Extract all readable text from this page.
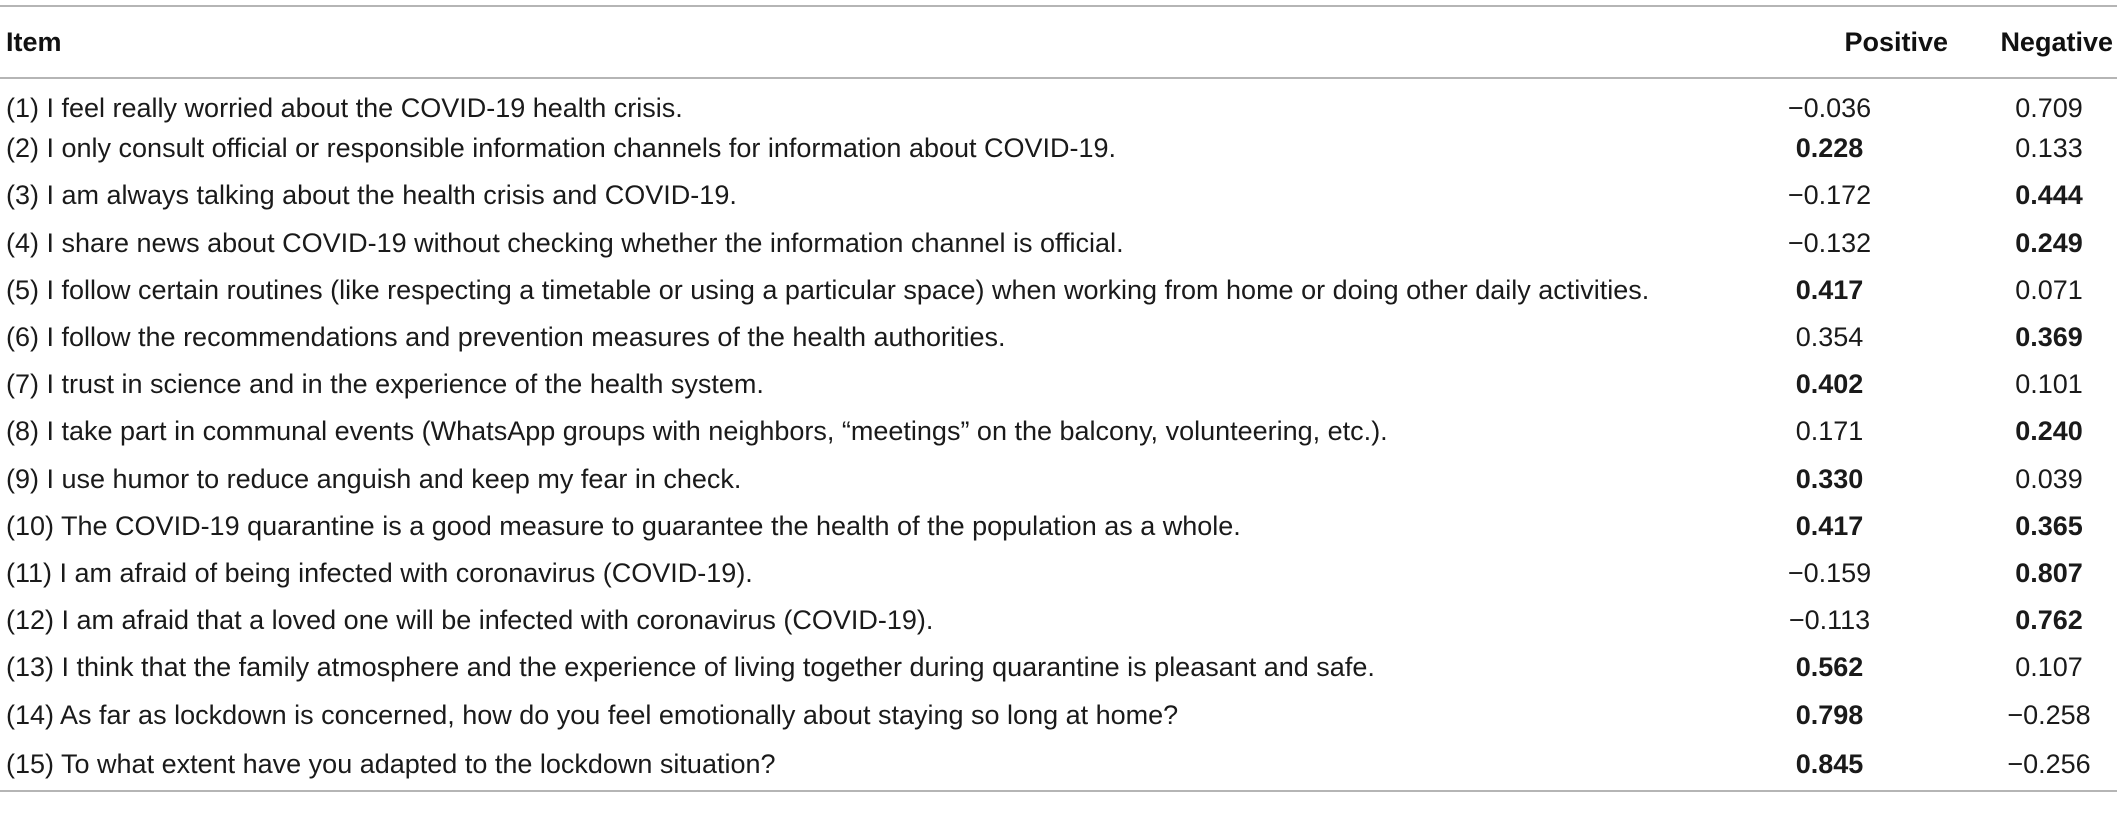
Item	Positive	Negative
(1) I feel really worried about the COVID-19 health crisis.	−0.036	0.709
(2) I only consult official or responsible information channels for information about COVID-19.	0.228	0.133
(3) I am always talking about the health crisis and COVID-19.	−0.172	0.444
(4) I share news about COVID-19 without checking whether the information channel is official.	−0.132	0.249
(5) I follow certain routines (like respecting a timetable or using a particular space) when working from home or doing other daily activities.	0.417	0.071
(6) I follow the recommendations and prevention measures of the health authorities.	0.354	0.369
(7) I trust in science and in the experience of the health system.	0.402	0.101
(8) I take part in communal events (WhatsApp groups with neighbors, “meetings” on the balcony, volunteering, etc.).	0.171	0.240
(9) I use humor to reduce anguish and keep my fear in check.	0.330	0.039
(10) The COVID-19 quarantine is a good measure to guarantee the health of the population as a whole.	0.417	0.365
(11) I am afraid of being infected with coronavirus (COVID-19).	−0.159	0.807
(12) I am afraid that a loved one will be infected with coronavirus (COVID-19).	−0.113	0.762
(13) I think that the family atmosphere and the experience of living together during quarantine is pleasant and safe.	0.562	0.107
(14) As far as lockdown is concerned, how do you feel emotionally about staying so long at home?	0.798	−0.258
(15) To what extent have you adapted to the lockdown situation?	0.845	−0.256
